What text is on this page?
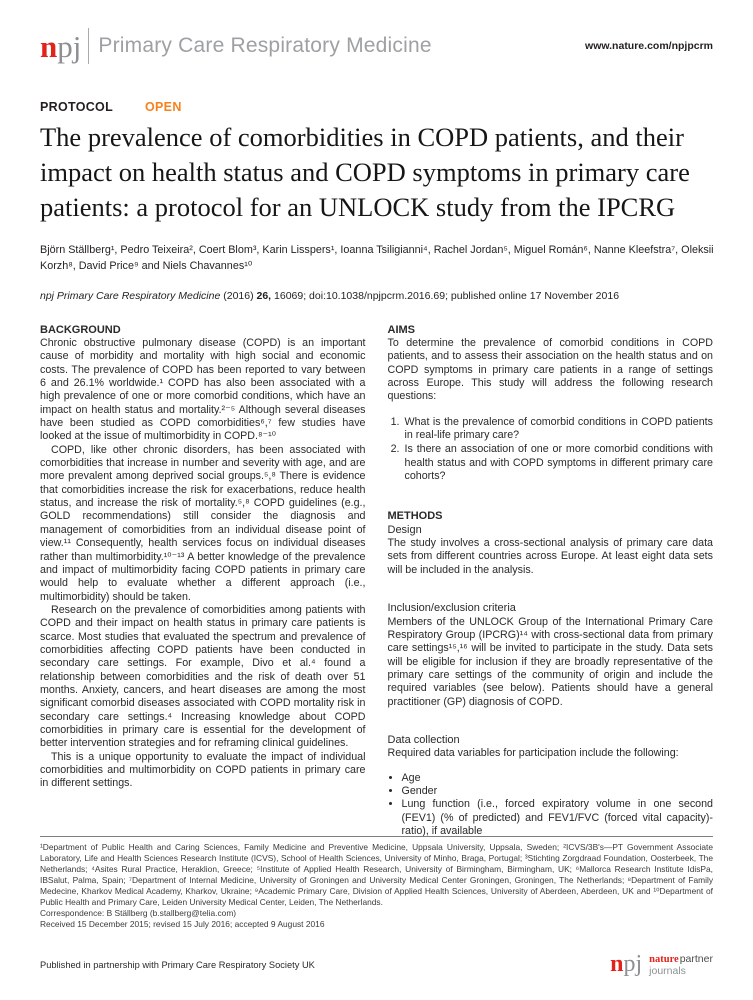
npj Primary Care Respiratory Medicine	www.nature.com/npjpcrm
PROTOCOL	OPEN
The prevalence of comorbidities in COPD patients, and their impact on health status and COPD symptoms in primary care patients: a protocol for an UNLOCK study from the IPCRG
Björn Ställberg¹, Pedro Teixeira², Coert Blom³, Karin Lisspers¹, Ioanna Tsiligianni⁴, Rachel Jordan⁵, Miguel Román⁶, Nanne Kleefstra⁷, Oleksii Korzh⁸, David Price⁹ and Niels Chavannes¹⁰
npj Primary Care Respiratory Medicine (2016) 26, 16069; doi:10.1038/npjpcrm.2016.69; published online 17 November 2016

BACKGROUND

Chronic obstructive pulmonary disease (COPD) is an important cause of morbidity and mortality with high social and economic costs. The prevalence of COPD has been reported to vary between 6 and 26.1% worldwide.¹ COPD has also been associated with a high prevalence of one or more comorbid conditions, which have an impact on health status and mortality.²⁻⁵ Although several diseases have been studied as COPD comorbidities⁶,⁷ few studies have looked at the issue of multimorbidity in COPD.⁸⁻¹⁰

COPD, like other chronic disorders, has been associated with comorbidities that increase in number and severity with age, and are more prevalent among deprived social groups.⁵,⁸ There is evidence that comorbidities increase the risk for exacerbations, reduce health status, and increase the risk of mortality.⁵,⁸ COPD guidelines (e.g., GOLD recommendations) still consider the diagnosis and management of comorbidities from an individual disease point of view.¹¹ Consequently, health services focus on individual diseases rather than multimorbidity.¹⁰⁻¹³ A better knowledge of the prevalence and impact of multimorbidity facing COPD patients in primary care would help to evaluate whether a different approach (i.e., multimorbidity) should be taken.

Research on the prevalence of comorbidities among patients with COPD and their impact on health status in primary care patients is scarce. Most studies that evaluated the spectrum and prevalence of comorbidities affecting COPD patients have been conducted in secondary care settings. For example, Divo et al.⁴ found a relationship between comorbidities and the risk of death over 51 months. Anxiety, cancers, and heart diseases are among the most significant comorbid diseases associated with COPD mortality risk in secondary care settings.⁴ Increasing knowledge about COPD comorbidities in primary care is essential for the development of better intervention strategies and for reframing clinical guidelines.

This is a unique opportunity to evaluate the impact of individual comorbidities and multimorbidity on COPD patients in primary care in different settings.

AIMS

To determine the prevalence of comorbid conditions in COPD patients, and to assess their association on the health status and on COPD symptoms in primary care patients in a range of settings across Europe. This study will address the following research questions:

1. What is the prevalence of comorbid conditions in COPD patients in real-life primary care?
2. Is there an association of one or more comorbid conditions with health status and with COPD symptoms in different primary care cohorts?

METHODS

Design

The study involves a cross-sectional analysis of primary care data sets from different countries across Europe. At least eight data sets will be included in the analysis.

Inclusion/exclusion criteria

Members of the UNLOCK Group of the International Primary Care Respiratory Group (IPCRG)¹⁴ with cross-sectional data from primary care settings¹⁵,¹⁶ will be invited to participate in the study. Data sets will be eligible for inclusion if they are broadly representative of the primary care settings of the community of origin and include the required variables (see below). Patients should have a general practitioner (GP) diagnosis of COPD.

Data collection

Required data variables for participation include the following:

• Age
• Gender
• Lung function (i.e., forced expiratory volume in one second (FEV1) (% of predicted) and FEV1/FVC (forced vital capacity)-ratio), if available

¹Department of Public Health and Caring Sciences, Family Medicine and Preventive Medicine, Uppsala University, Uppsala, Sweden; ²ICVS/3B's—PT Government Associate Laboratory, Life and Health Sciences Research Institute (ICVS), School of Health Sciences, University of Minho, Braga, Portugal; ³Stichting Zorgdraad Foundation, Oosterbeek, The Netherlands; ⁴Asites Rural Practice, Heraklion, Greece; ⁵Institute of Applied Health Research, University of Birmingham, Birmingham, UK; ⁶Mallorca Research Institute IdisPa, IBSalut, Palma, Spain; ⁷Department of Internal Medicine, University of Groningen and University Medical Center Groningen, Groningen, The Netherlands; ⁸Department of Family Medecine, Kharkov Medical Academy, Kharkov, Ukraine; ⁹Academic Primary Care, Division of Applied Health Sciences, University of Aberdeen, Aberdeen, UK and ¹⁰Department of Public Health and Primary Care, Leiden University Medical Center, Leiden, The Netherlands.

Correspondence: B Ställberg (b.stallberg@telia.com)

Received 15 December 2015; revised 15 July 2016; accepted 9 August 2016

Published in partnership with Primary Care Respiratory Society UK	npj naturepartner
journals
